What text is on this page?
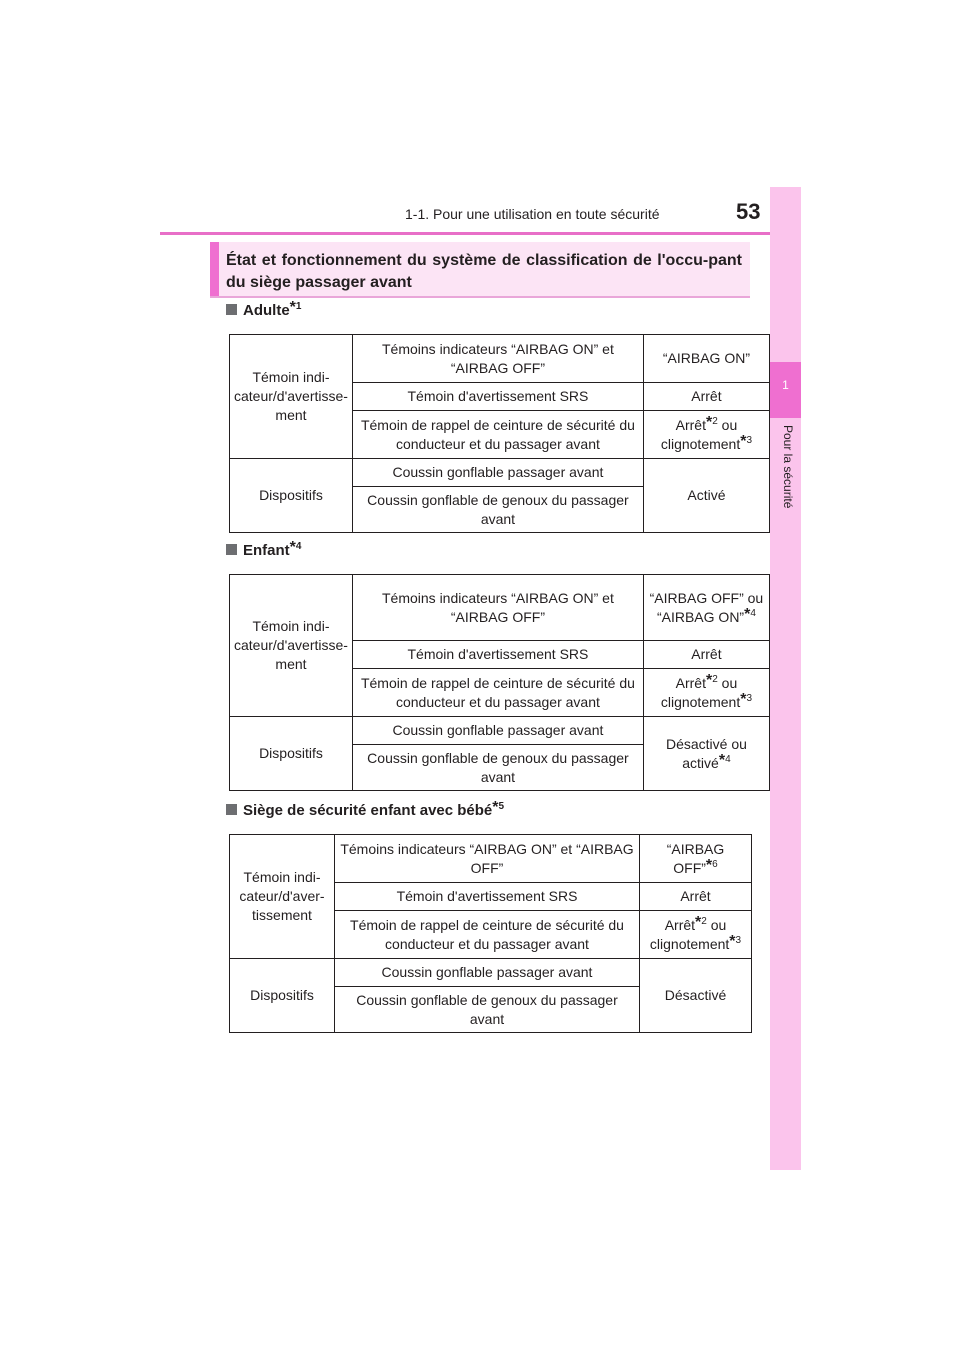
1-1. Pour une utilisation en toute sécurité	53
1
Pour la sécurité
État et fonctionnement du système de classification de l'occu-pant du siège passager avant
Adulte$^{*1}$
Témoin indi-cateur/d'avertisse-ment	Témoins indicateurs “AIRBAG ON” et “AIRBAG OFF”	“AIRBAG ON”
	Témoin d'avertissement SRS	Arrêt
	Témoin de rappel de ceinture de sécurité du conducteur et du passager avant	Arrêt$^{*2}$ ou clignotement$^{*3}$
Dispositifs	Coussin gonflable passager avant	Activé
	Coussin gonflable de genoux du passager avant	
Enfant$^{*4}$
Témoin indi-cateur/d'avertisse-ment	Témoins indicateurs “AIRBAG ON” et “AIRBAG OFF”	“AIRBAG OFF” ou “AIRBAG ON”$^{*4}$
	Témoin d'avertissement SRS	Arrêt
	Témoin de rappel de ceinture de sécurité du conducteur et du passager avant	Arrêt$^{*2}$ ou clignotement$^{*3}$
Dispositifs	Coussin gonflable passager avant	Désactivé ou activé$^{*4}$
	Coussin gonflable de genoux du passager avant	
Siège de sécurité enfant avec bébé$^{*5}$
Témoin indi-cateur/d'aver-tissement	Témoins indicateurs “AIRBAG ON” et “AIRBAG OFF”	“AIRBAG OFF”$^{*6}$
	Témoin d'avertissement SRS	Arrêt
	Témoin de rappel de ceinture de sécurité du conducteur et du passager avant	Arrêt$^{*2}$ ou clignotement$^{*3}$
Dispositifs	Coussin gonflable passager avant	Désactivé
	Coussin gonflable de genoux du passager avant	
